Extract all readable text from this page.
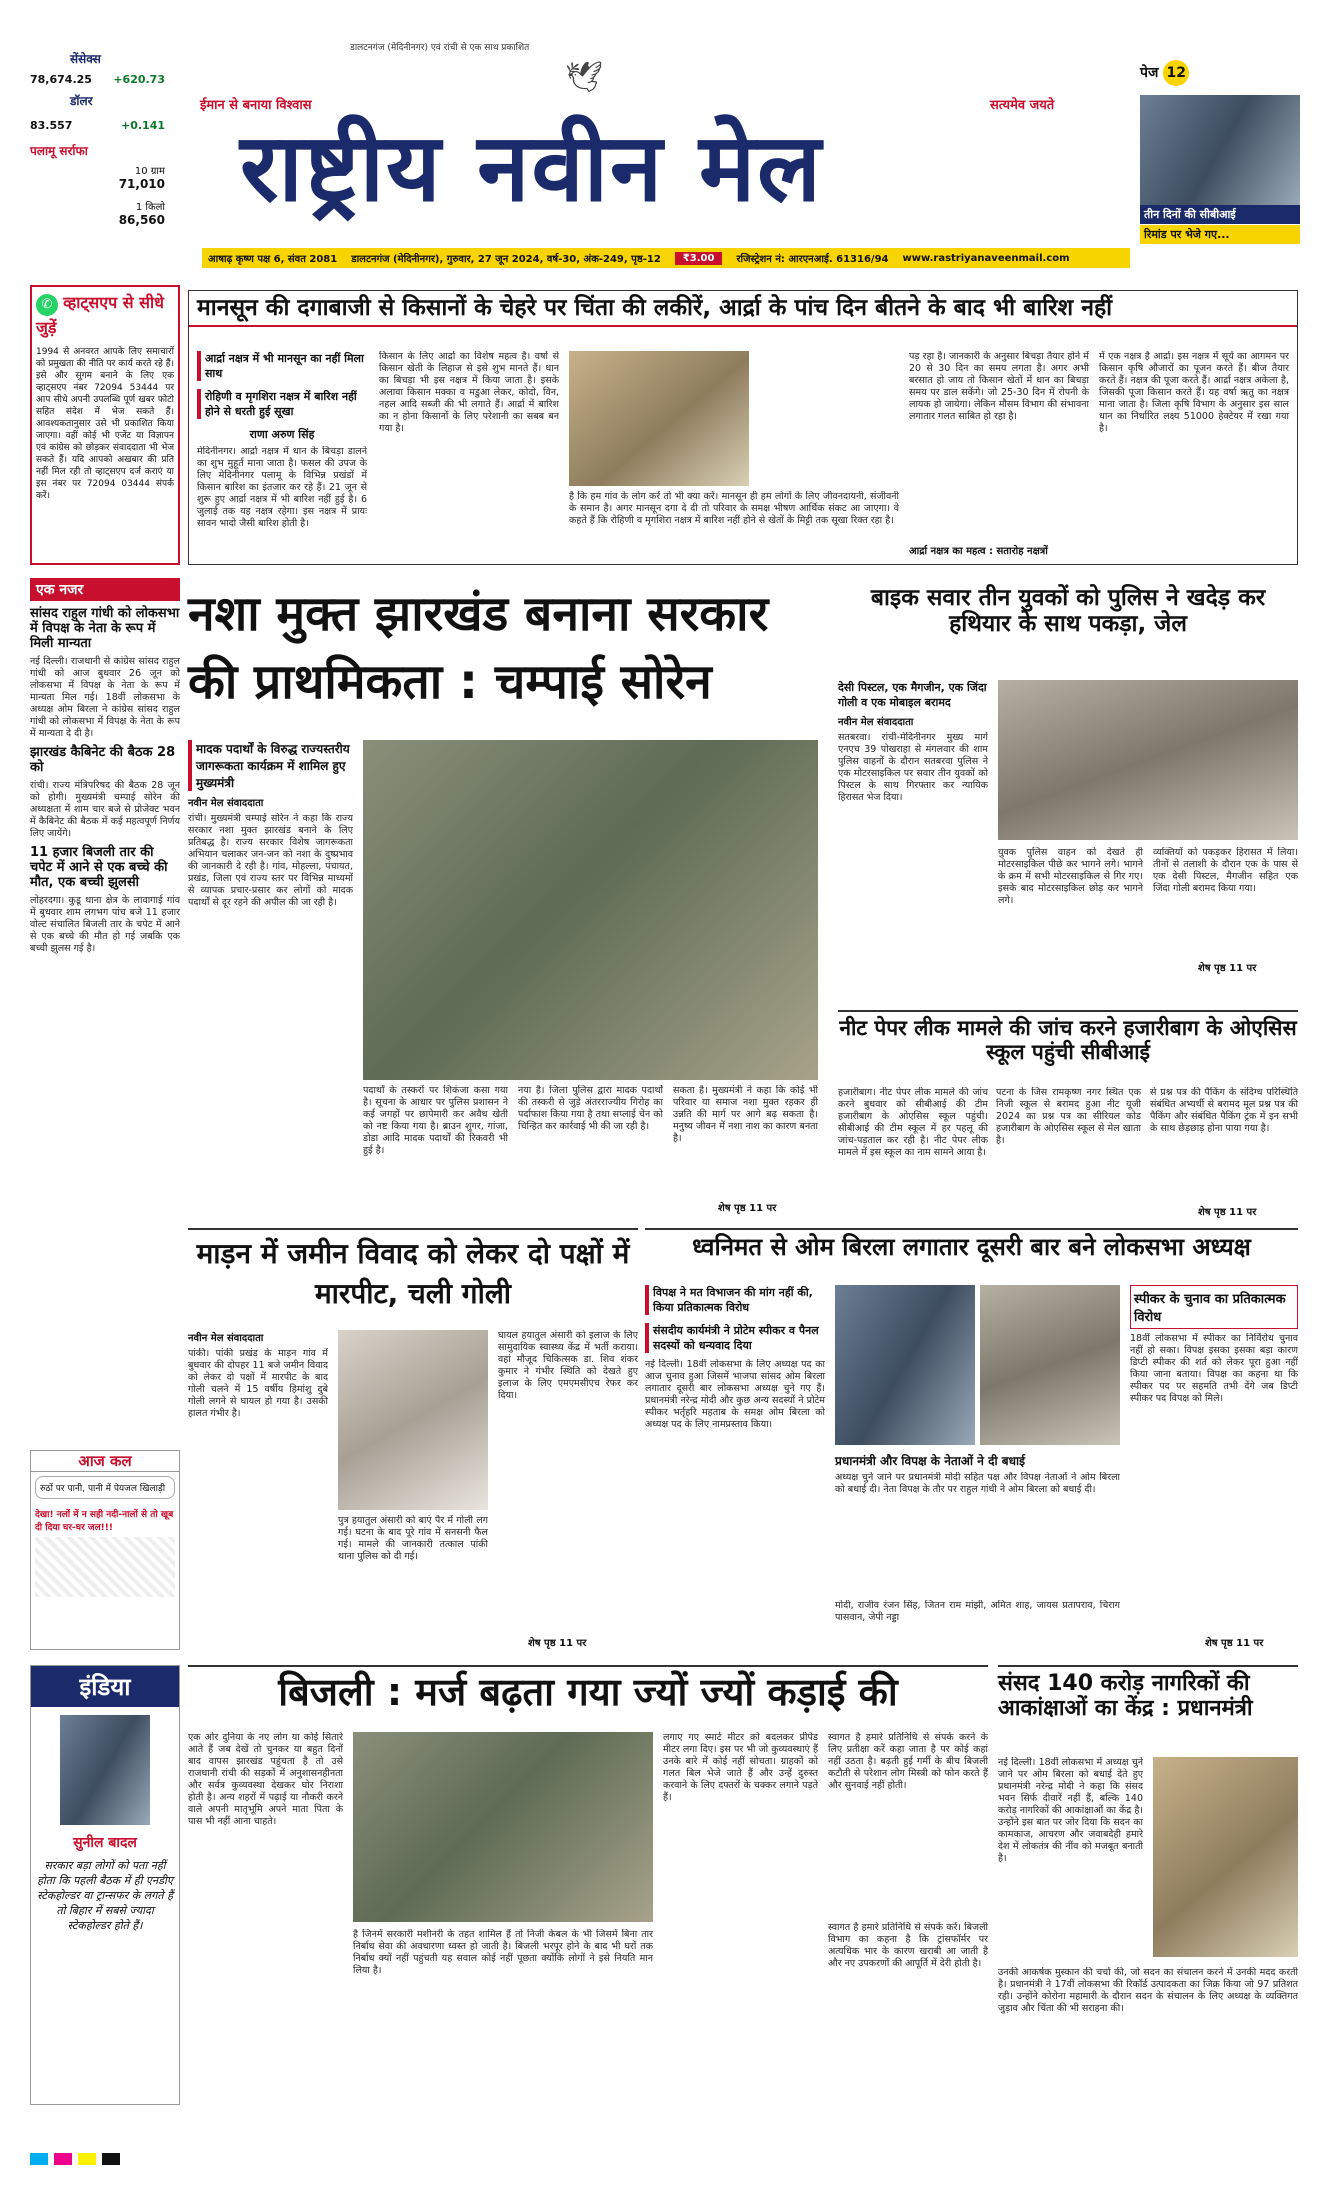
सेंसेक्स
78,674.25 +620.73
डॉलर
83.557	+0.141
पलामू सर्राफा
10 ग्राम
71,010
1 किलो
86,560
डालटनगंज (मेदिनीनगर) एवं रांची से एक साथ प्रकाशित
ईमान से बनाया विश्वास	सत्यमेव जयते
राष्ट्रीय नवीन मेल
🕊	पेज 12
तीन दिनों की सीबीआई
रिमांड पर भेजे गए...
आषाढ़ कृष्ण पक्ष 6, संवत 2081 डालटनगंज (मेदिनीनगर), गुरुवार, 27 जून 2024, वर्ष-30, अंक-249, पृष्ठ-12	₹3.00	रजिस्ट्रेशन नं: आरएनआई. 61316/94 www.rastriyanaveenmail.com
✆ व्हाट्सएप से सीधे जुड़ें
1994 से अनवरत आपके लिए समाचारों को प्रमुखता की नीति पर कार्य करते रहे हैं। इसे और सुगम बनाने के लिए एक व्हाट्सएप नंबर 72094 53444 पर आप सीधे अपनी उपलब्धि पूर्ण खबर फोटो सहित संदेश में भेज सकते हैं। आवश्यकतानुसार उसे भी प्रकाशित किया जाएगा। वहीं कोई भी एजेंट या विज्ञापन एवं कांग्रेस को छोड़कर संवाददाता भी भेज सकते हैं। यदि आपको अखबार की प्रति नहीं मिल रही तो व्हाट्सएप दर्ज कराएं या इस नंबर पर 72094 03444 संपर्क करें।
मानसून की दगाबाजी से किसानों के चेहरे पर चिंता की लकीरें, आर्द्रा के पांच दिन बीतने के बाद भी बारिश नहीं
आर्द्रा नक्षत्र में भी मानसून का नहीं मिला साथ
रोहिणी व मृगशिरा नक्षत्र में बारिश नहीं होने से धरती हुई सूखा
राणा अरुण सिंह
मेदिनीनगर। आर्द्रा नक्षत्र में धान के बिचड़ा डालने का शुभ मुहूर्त माना जाता है। फसल की उपज के लिए मेदिनीनगर पलामू के विभिन्न प्रखंडों में किसान बारिश का इंतजार कर रहे हैं। 21 जून से शुरू हुए आर्द्रा नक्षत्र में भी बारिश नहीं हुई है। 6 जुलाई तक यह नक्षत्र रहेगा। इस नक्षत्र में प्रायः सावन भादो जैसी बारिश होती है।
किसान के लिए आर्द्रा का विशेष महत्व है। वर्षा से किसान खेती के लिहाज से इसे शुभ मानते हैं। धान का बिचड़ा भी इस नक्षत्र में किया जाता है। इसके अलावा किसान मक्का व मडुआ लेकर, कोदो, विन, नहल आदि सब्जी की भी लगाते हैं। आर्द्रा में बारिश का न होना किसानों के लिए परेशानी का सबब बन गया है।
है कि हम गांव के लोग करें तो भी क्या करें। मानसून ही हम लोगों के लिए जीवनदायनी, संजीवनी के समान है। अगर मानसून दगा दे दी तो परिवार के समक्ष भीषण आर्थिक संकट आ जाएगा। वे कहते हैं कि रोहिणी व मृगशिरा नक्षत्र में बारिश नहीं होने से खेतों के मिट्टी तक सूखा रिक्त रहा है।
पड़ रहा है। जानकारी के अनुसार बिचड़ा तैयार होने में 20 से 30 दिन का समय लगता है। अगर अभी बरसात हो जाय तो किसान खेतों में धान का बिचड़ा समय पर डाल सकेंगे। जो 25-30 दिन में रोपनी के लायक हो जायेगा। लेकिन मौसम विभाग की संभावना लगातार गलत साबित हो रहा है।
आर्द्रा नक्षत्र का महत्व : सतारोह नक्षत्रों
में एक नक्षत्र है आर्द्रा। इस नक्षत्र में सूर्य का आगमन पर किसान कृषि औजारों का पूजन करते हैं। बीज तैयार करते हैं। नक्षत्र की पूजा करते हैं। आर्द्रा नक्षत्र अकेला है, जिसकी पूजा किसान करते हैं। यह वर्षा ऋतु का नक्षत्र माना जाता है। जिला कृषि विभाग के अनुसार इस साल धान का निर्धारित लक्ष्य 51000 हेक्टेयर में रखा गया है।
एक नजर
सांसद राहुल गांधी को लोकसभा में विपक्ष के नेता के रूप में मिली मान्यता
नई दिल्ली। राजधानी से कांग्रेस सांसद राहुल गांधी को आज बुधवार 26 जून को लोकसभा में विपक्ष के नेता के रूप में मान्यता मिल गई। 18वीं लोकसभा के अध्यक्ष ओम बिरला ने कांग्रेस सांसद राहुल गांधी को लोकसभा में विपक्ष के नेता के रूप में मान्यता दे दी है।
झारखंड कैबिनेट की बैठक 28 को
रांची। राज्य मंत्रिपरिषद की बैठक 28 जून को होगी। मुख्यमंत्री चम्पाई सोरेन की अध्यक्षता में शाम चार बजे से प्रोजेक्ट भवन में कैबिनेट की बैठक में कई महत्वपूर्ण निर्णय लिए जायेंगे।
11 हजार बिजली तार की चपेट में आने से एक बच्चे की मौत, एक बच्ची झुलसी
लोहरदगा। कुडू थाना क्षेत्र के लावागाई गांव में बुधवार शाम लगभग पांच बजे 11 हजार वोल्ट संचालित बिजली तार के चपेट में आने से एक बच्चे की मौत हो गई जबकि एक बच्ची झुलस गई है।
आज कल
रुठों पर पानी, पानी में पेयजल खिलाड़ी
देखा! नलों में न सही नदी-नालों से तो खूब दी दिया घर-घर जल!!!
नशा मुक्त झारखंड बनाना सरकार की प्राथमिकता : चम्पाई सोरेन
मादक पदार्थों के विरुद्ध राज्यस्तरीय जागरूकता कार्यक्रम में शामिल हुए मुख्यमंत्री
नवीन मेल संवाददाता
रांची। मुख्यमंत्री चम्पाई सोरेन ने कहा कि राज्य सरकार नशा मुक्त झारखंड बनाने के लिए प्रतिबद्ध है। राज्य सरकार विशेष जागरूकता अभियान चलाकर जन-जन को नशा के दुष्प्रभाव की जानकारी दे रही है। गांव, मोहल्ला, पंचायत, प्रखंड, जिला एवं राज्य स्तर पर विभिन्न माध्यमों से व्यापक प्रचार-प्रसार कर लोगों को मादक पदार्थों से दूर रहने की अपील की जा रही है।
पदार्थों के तस्करों पर शिकंजा कसा गया है। सूचना के आधार पर पुलिस प्रशासन ने कई जगहों पर छापेमारी कर अवैध खेती को नष्ट किया गया है। ब्राउन शुगर, गांजा, डोडा आदि मादक पदार्थों की रिकवरी भी हुई है।
नया है। जिला पुलिस द्वारा मादक पदार्थों की तस्करी से जुड़े अंतरराज्यीय गिरोह का पर्दाफाश किया गया है तथा सप्लाई चेन को चिन्हित कर कार्रवाई भी की जा रही है।
सकता है। मुख्यमंत्री ने कहा कि कोई भी परिवार या समाज नशा मुक्त रहकर ही उन्नति की मार्ग पर आगे बढ़ सकता है। मनुष्य जीवन में नशा नाश का कारण बनता है।
शेष पृष्ठ 11 पर
बाइक सवार तीन युवकों को पुलिस ने खदेड़ कर हथियार के साथ पकड़ा, जेल
देसी पिस्टल, एक मैगजीन, एक जिंदा गोली व एक मोबाइल बरामद
नवीन मेल संवाददाता
सतबरवा। रांची-मेदिनीनगर मुख्य मार्ग एनएच 39 पोखराहा से मंगलवार की शाम पुलिस वाहनों के दौरान सतबरवा पुलिस ने एक मोटरसाइकिल पर सवार तीन युवकों को पिस्टल के साथ गिरफ्तार कर न्यायिक हिरासत भेज दिया।
युवक पुलिस वाहन को देखते ही मोटरसाइकिल पीछे कर भागने लगे। भागने के क्रम में सभी मोटरसाइकिल से गिर गए। इसके बाद मोटरसाइकिल छोड़ कर भागने लगे।
व्यक्तियों को पकड़कर हिरासत में लिया। तीनों से तलाशी के दौरान एक के पास से एक देसी पिस्टल, मैगजीन सहित एक जिंदा गोली बरामद किया गया।
शेष पृष्ठ 11 पर
नीट पेपर लीक मामले की जांच करने हजारीबाग के ओएसिस स्कूल पहुंची सीबीआई
हजारीबाग। नीट पेपर लीक मामले की जांच करने बुधवार को सीबीआई की टीम हजारीबाग के ओएसिस स्कूल पहुंची। सीबीआई की टीम स्कूल में हर पहलू की जांच-पड़ताल कर रही है। नीट पेपर लीक मामले में इस स्कूल का नाम सामने आया है।
पटना के जिस रामकृष्ण नगर स्थित एक निजी स्कूल से बरामद हुआ नीट यूजी 2024 का प्रश्न पत्र का सीरियल कोड हजारीबाग के ओएसिस स्कूल से मेल खाता है।
से प्रश्न पत्र की पैकिंग के संदिग्ध परिस्थिति संबंधित अभ्यर्थी से बरामद मूल प्रश्न पत्र की पैकिंग और संबंधित पैकिंग ट्रंक में इन सभी के साथ छेड़छाड़ होना पाया गया है।
शेष पृष्ठ 11 पर
माड़न में जमीन विवाद को लेकर दो पक्षों में मारपीट, चली गोली
नवीन मेल संवाददाता
पांकी। पांकी प्रखंड के माड़न गांव में बुधवार की दोपहर 11 बजे जमीन विवाद को लेकर दो पक्षों में मारपीट के बाद गोली चलने में 15 वर्षीय हिमांशु दुबे गोली लगने से घायल हो गया है। उसकी हालत गंभीर है।
पुत्र हयातुल अंसारी को बाएं पैर में गोली लग गई। घटना के बाद पूरे गांव में सनसनी फैल गई। मामले की जानकारी तत्काल पांकी थाना पुलिस को दी गई।
घायल हयातुल अंसारी को इलाज के लिए सामुदायिक स्वास्थ्य केंद्र में भर्ती कराया। वहां मौजूद चिकित्सक डा. शिव शंकर कुमार ने गंभीर स्थिति को देखते हुए इलाज के लिए एमएमसीएच रेफर कर दिया।
शेष पृष्ठ 11 पर
ध्वनिमत से ओम बिरला लगातार दूसरी बार बने लोकसभा अध्यक्ष
विपक्ष ने मत विभाजन की मांग नहीं की, किया प्रतिकात्मक विरोध
संसदीय कार्यमंत्री ने प्रोटेम स्पीकर व पैनल सदस्यों को धन्यवाद दिया
नई दिल्ली। 18वीं लोकसभा के लिए अध्यक्ष पद का आज चुनाव हुआ जिसमें भाजपा सांसद ओम बिरला लगातार दूसरी बार लोकसभा अध्यक्ष चुने गए हैं। प्रधानमंत्री नरेन्द्र मोदी और कुछ अन्य सदस्यों ने प्रोटेम स्पीकर भर्तृहरि महताब के समक्ष ओम बिरला को अध्यक्ष पद के लिए नामप्रस्ताव किया।
प्रधानमंत्री और विपक्ष के नेताओं ने दी बधाई
अध्यक्ष चुने जाने पर प्रधानमंत्री मोदी सहित पक्ष और विपक्ष नेताओं ने ओम बिरला को बधाई दी। नेता विपक्ष के तौर पर राहुल गांधी ने ओम बिरला को बधाई दी।
मोदी, राजीव रंजन सिंह, जितन राम मांझी, अमित शाह, जायस प्रतापराव, चिराग पासवान, जेपी नड्डा
स्पीकर के चुनाव का प्रतिकात्मक विरोध
18वीं लोकसभा में स्पीकर का निर्विरोध चुनाव नहीं हो सका। विपक्ष इसका इसका बड़ा कारण डिप्टी स्पीकर की शर्त को लेकर पूरा हुआ नहीं किया जाना बताया। विपक्ष का कहना था कि स्पीकर पद पर सहमति तभी देंगे जब डिप्टी स्पीकर पद विपक्ष को मिले।
शेष पृष्ठ 11 पर
इंडिया
सुनील बादल
सरकार बड़ा लोगों को पता नहीं होता कि पहली बैठक में ही एनडीए स्टेकहोल्डर वा ट्रान्सफर के लगते हैं तो बिहार में सबसे ज्यादा स्टेकहोल्डर होते हैं।
बिजली : मर्ज बढ़ता गया ज्यों ज्यों कड़ाई की
एक ओर दुनिया के नए लोग या कोई सितारे आते हैं जब देखें तो चुनकर या बहुत दिनों बाद वापस झारखंड पहुंचता है तो उसे राजधानी रांची की सड़कों में अनुशासनहीनता और सर्वत्र कुव्यवस्था देखकर घोर निराशा होती है। अन्य शहरों में पढ़ाई या नौकरी करने वाले अपनी मातृभूमि अपने माता पिता के पास भी नहीं आना चाहते।
है जिनमें सरकारी मशीनरी के तहत शामिल हैं तो निजी केबल के भी जिसमें बिना तार निर्बाध सेवा की अवधारणा ध्वस्त हो जाती है। बिजली भरपूर होने के बाद भी घरों तक निर्बाध क्यों नहीं पहुंचती यह सवाल कोई नहीं पूछता क्योंकि लोगों ने इसे नियति मान लिया है।
लगाए गए स्मार्ट मीटर को बदलकर प्रीपेड मीटर लगा दिए। इस पर भी जो कुव्यवस्थाएं हैं उनके बारे में कोई नहीं सोचता। ग्राहकों को गलत बिल भेजे जाते हैं और उन्हें दुरुस्त करवाने के लिए दफ्तरों के चक्कर लगाने पड़ते हैं।
स्वागत है हमारे प्रतिनिधि से संपर्क करने के लिए प्रतीक्षा करें कहा जाता है पर कोई कहां नहीं उठता है। बढ़ती हुई गर्मी के बीच बिजली कटौती से परेशान लोग मिस्त्री को फोन करते हैं और सुनवाई नहीं होती।
स्वागत है हमारे प्रतिनिधि से संपर्क करें। बिजली विभाग का कहना है कि ट्रांसफॉर्मर पर अत्यधिक भार के कारण खराबी आ जाती है और नए उपकरणों की आपूर्ति में देरी होती है।
संसद 140 करोड़ नागरिकों की आकांक्षाओं का केंद्र : प्रधानमंत्री
नई दिल्ली। 18वीं लोकसभा में अध्यक्ष चुने जाने पर ओम बिरला को बधाई देते हुए प्रधानमंत्री नरेन्द्र मोदी ने कहा कि संसद भवन सिर्फ दीवारें नहीं हैं, बल्कि 140 करोड़ नागरिकों की आकांक्षाओं का केंद्र है। उन्होंने इस बात पर जोर दिया कि सदन का कामकाज, आचरण और जवाबदेही हमारे देश में लोकतंत्र की नींव को मजबूत बनाती है।
उनकी आकर्षक मुस्कान की चर्चा की, जो सदन का संचालन करने में उनकी मदद करती है। प्रधानमंत्री ने 17वीं लोकसभा की रिकॉर्ड उत्पादकता का जिक्र किया जो 97 प्रतिशत रही। उन्होंने कोरोना महामारी के दौरान सदन के संचालन के लिए अध्यक्ष के व्यक्तिगत जुड़ाव और चिंता की भी सराहना की।
